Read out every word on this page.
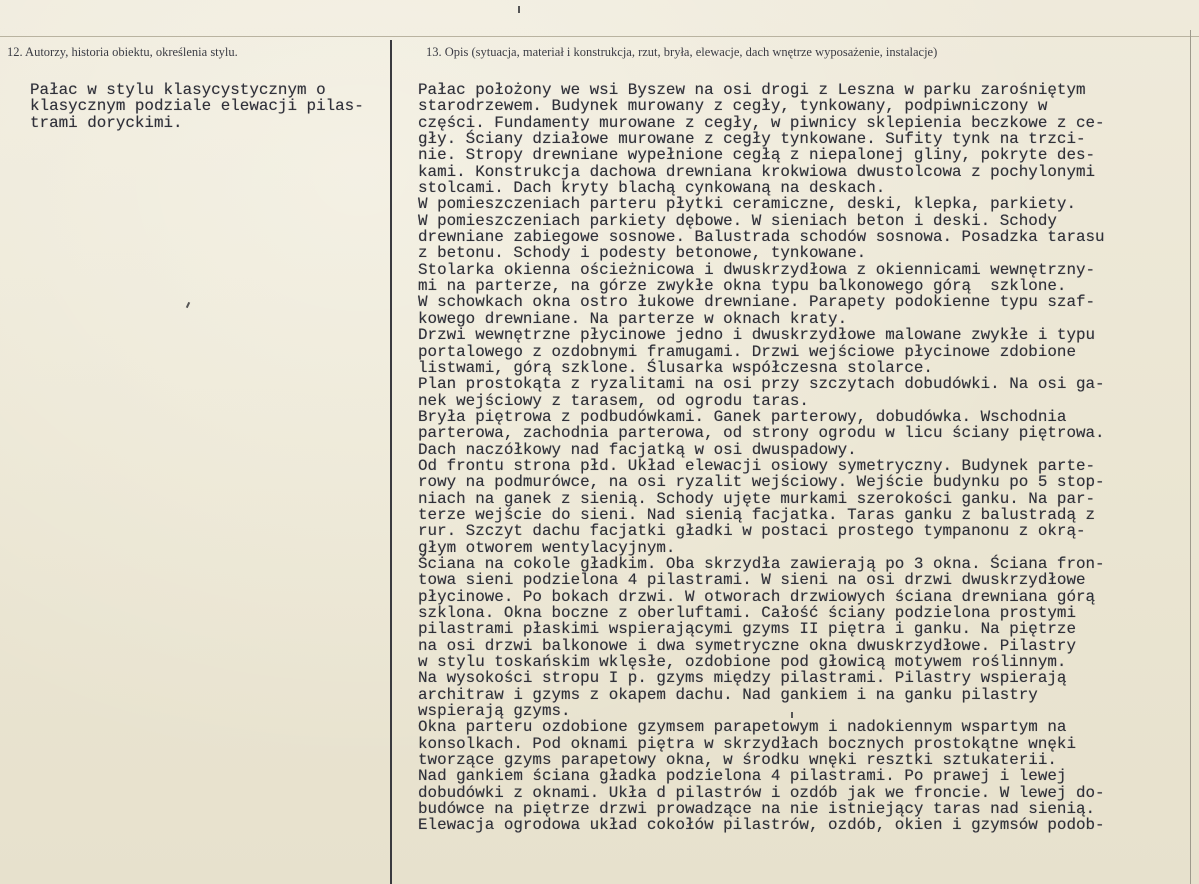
12. Autorzy, historia obiektu, określenia stylu.	13. Opis (sytuacja, materiał i konstrukcja, rzut, bryła, elewacje, dach wnętrze wyposażenie, instalacje)
Pałac w stylu klasycystycznym o
klasycznym podziale elewacji pilas-
trami doryckimi.
Pałac położony we wsi Byszew na osi drogi z Leszna w parku zarośniętym
starodrzewem. Budynek murowany z cegły, tynkowany, podpiwniczony w
części. Fundamenty murowane z cegły, w piwnicy sklepienia beczkowe z ce-
gły. Ściany działowe murowane z cegły tynkowane. Sufity tynk na trzci-
nie. Stropy drewniane wypełnione cegłą z niepalonej gliny, pokryte des-
kami. Konstrukcja dachowa drewniana krokwiowa dwustolcowa z pochylonymi
stolcami. Dach kryty blachą cynkowaną na deskach.
W pomieszczeniach parteru płytki ceramiczne, deski, klepka, parkiety.
W pomieszczeniach parkiety dębowe. W sieniach beton i deski. Schody
drewniane zabiegowe sosnowe. Balustrada schodów sosnowa. Posadzka tarasu
z betonu. Schody i podesty betonowe, tynkowane.
Stolarka okienna ościeżnicowa i dwuskrzydłowa z okiennicami wewnętrzny-
mi na parterze, na górze zwykłe okna typu balkonowego górą  szklone.
W schowkach okna ostro łukowe drewniane. Parapety podokienne typu szaf-
kowego drewniane. Na parterze w oknach kraty.
Drzwi wewnętrzne płycinowe jedno i dwuskrzydłowe malowane zwykłe i typu
portalowego z ozdobnymi framugami. Drzwi wejściowe płycinowe zdobione
listwami, górą szklone. Ślusarka współczesna stolarce.
Plan prostokąta z ryzalitami na osi przy szczytach dobudówki. Na osi ga-
nek wejściowy z tarasem, od ogrodu taras.
Bryła piętrowa z podbudówkami. Ganek parterowy, dobudówka. Wschodnia
parterowa, zachodnia parterowa, od strony ogrodu w licu ściany piętrowa.
Dach naczółkowy nad facjatką w osi dwuspadowy.
Od frontu strona płd. Układ elewacji osiowy symetryczny. Budynek parte-
rowy na podmurówce, na osi ryzalit wejściowy. Wejście budynku po 5 stop-
niach na ganek z sienią. Schody ujęte murkami szerokości ganku. Na par-
terze wejście do sieni. Nad sienią facjatka. Taras ganku z balustradą z
rur. Szczyt dachu facjatki gładki w postaci prostego tympanonu z okrą-
głym otworem wentylacyjnym.
Ściana na cokole gładkim. Oba skrzydła zawierają po 3 okna. Ściana fron-
towa sieni podzielona 4 pilastrami. W sieni na osi drzwi dwuskrzydłowe
płycinowe. Po bokach drzwi. W otworach drzwiowych ściana drewniana górą
szklona. Okna boczne z oberluftami. Całość ściany podzielona prostymi
pilastrami płaskimi wspierającymi gzyms II piętra i ganku. Na piętrze
na osi drzwi balkonowe i dwa symetryczne okna dwuskrzydłowe. Pilastry
w stylu toskańskim wklęsłe, ozdobione pod głowicą motywem roślinnym.
Na wysokości stropu I p. gzyms między pilastrami. Pilastry wspierają
architraw i gzyms z okapem dachu. Nad gankiem i na ganku pilastry
wspierają gzyms.
Okna parteru ozdobione gzymsem parapetowym i nadokiennym wspartym na
konsolkach. Pod oknami piętra w skrzydłach bocznych prostokątne wnęki
tworzące gzyms parapetowy okna, w środku wnęki resztki sztukaterii.
Nad gankiem ściana gładka podzielona 4 pilastrami. Po prawej i lewej
dobudówki z oknami. Ukła d pilastrów i ozdób jak we froncie. W lewej do-
budówce na piętrze drzwi prowadzące na nie istniejący taras nad sienią.
Elewacja ogrodowa układ cokołów pilastrów, ozdób, okien i gzymsów podob-
